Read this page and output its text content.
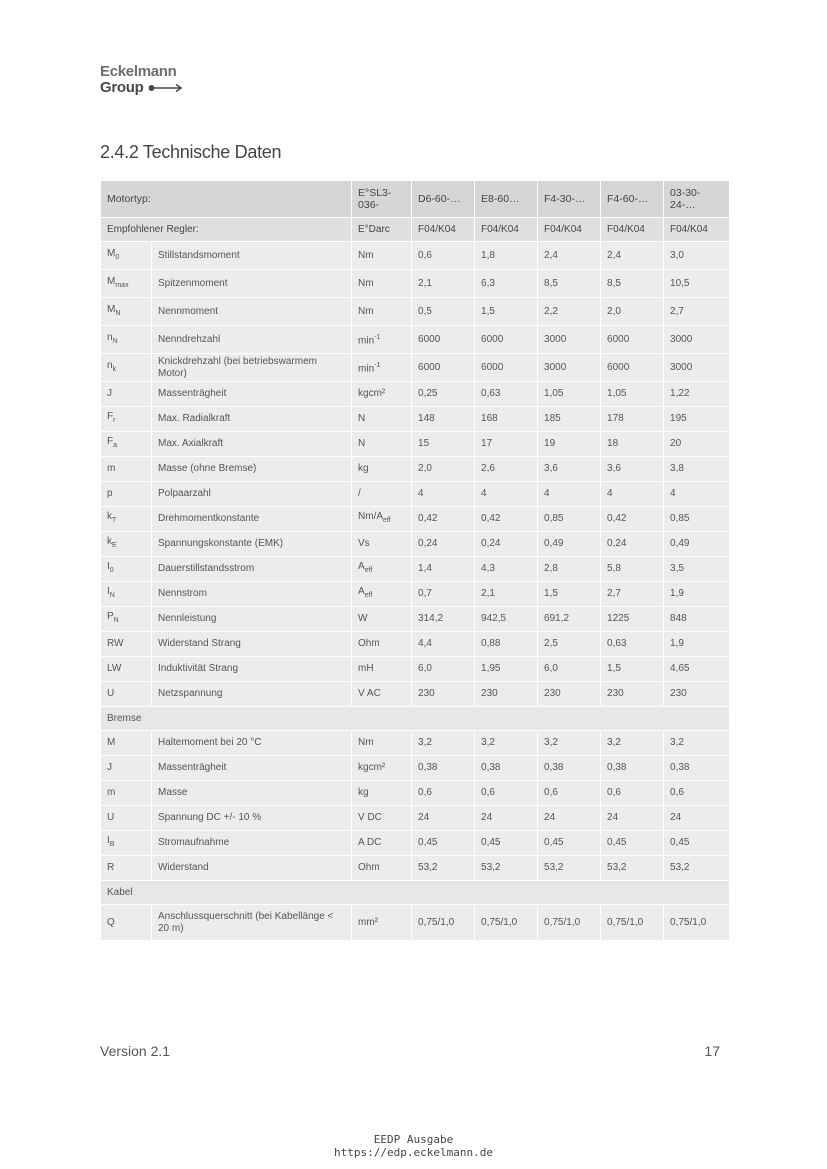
Eckelmann
Group
2.4.2 Technische Daten
Motortyp:		E°SL3-036-	D6-60-…	E8-60…	F4-30-…	F4-60-…	03-30-24-…
Empfohlener Regler:		E°Darc	F04/K04	F04/K04	F04/K04	F04/K04	F04/K04
$M_0$	Stillstandsmoment	Nm	0,6	1,8	2,4	2,4	3,0
$M_{max}$	Spitzenmoment	Nm	2,1	6,3	8,5	8,5	10,5
$M_N$	Nennmoment	Nm	0,5	1,5	2,2	2,0	2,7
$n_N$	Nenndrehzahl	$\min^{-1}$	6000	6000	3000	6000	3000
$n_k$	Knickdrehzahl (bei betriebswarmem Motor)	$\min^{-1}$	6000	6000	3000	6000	3000
J	Massenträgheit	kgcm²	0,25	0,63	1,05	1,05	1,22
$F_r$	Max. Radialkraft	N	148	168	185	178	195
$F_a$	Max. Axialkraft	N	15	17	19	18	20
m	Masse (ohne Bremse)	kg	2,0	2,6	3,6	3,6	3,8
p	Polpaarzahl	/	4	4	4	4	4
$k_T$	Drehmomentkonstante	$Nm/A_{eff}$	0,42	0,42	0,85	0,42	0,85
$k_E$	Spannungskonstante (EMK)	Vs	0,24	0,24	0,49	0,24	0,49
$I_0$	Dauerstillstandsstrom	$A_{eff}$	1,4	4,3	2,8	5,8	3,5
$I_N$	Nennstrom	$A_{eff}$	0,7	2,1	1,5	2,7	1,9
$P_N$	Nennleistung	W	314,2	942,5	691,2	1225	848
RW	Widerstand Strang	Ohm	4,4	0,88	2,5	0,63	1,9
LW	Induktivität Strang	mH	6,0	1,95	6,0	1,5	4,65
U	Netzspannung	V AC	230	230	230	230	230
Bremse							
M	Haltemoment bei 20 °C	Nm	3,2	3,2	3,2	3,2	3,2
J	Massenträgheit	kgcm²	0,38	0,38	0,38	0,38	0,38
m	Masse	kg	0,6	0,6	0,6	0,6	0,6
U	Spannung DC +/- 10 %	V DC	24	24	24	24	24
$I_B$	Stromaufnahme	A DC	0,45	0,45	0,45	0,45	0,45
R	Widerstand	Ohm	53,2	53,2	53,2	53,2	53,2
Kabel							
Q	Anschlussquerschnitt (bei Kabellänge < 20 m)	mm²	0,75/1,0	0,75/1,0	0,75/1,0	0,75/1,0	0,75/1,0
Version 2.1	17
EEDP Ausgabe
https://edp.eckelmann.de
